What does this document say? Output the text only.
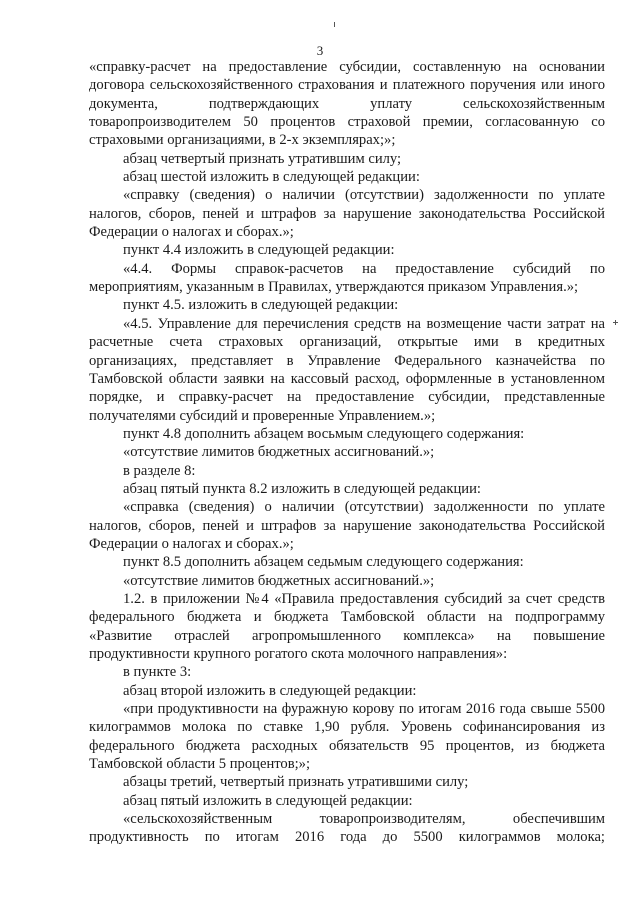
3

«справку-расчет на предоставление субсидии, составленную на основании договора сельскохозяйственного страхования и платежного поручения или иного документа, подтверждающих уплату сельскохозяйственным товаропроизводителем 50 процентов страховой премии, согласованную со страховыми организациями, в 2-х экземплярах;»;

абзац четвертый признать утратившим силу;

абзац шестой изложить в следующей редакции:

«справку (сведения) о наличии (отсутствии) задолженности по уплате налогов, сборов, пеней и штрафов за нарушение законодательства Российской Федерации о налогах и сборах.»;

пункт 4.4 изложить в следующей редакции:

«4.4. Формы справок-расчетов на предоставление субсидий по мероприятиям, указанным в Правилах, утверждаются приказом Управления.»;

пункт 4.5. изложить в следующей редакции:

«4.5. Управление для перечисления средств на возмещение части затрат на расчетные счета страховых организаций, открытые ими в кредитных организациях, представляет в Управление Федерального казначейства по Тамбовской области заявки на кассовый расход, оформленные в установленном порядке, и справку-расчет на предоставление субсидии, представленные получателями субсидий и проверенные Управлением.»;

пункт 4.8 дополнить абзацем восьмым следующего содержания:

«отсутствие лимитов бюджетных ассигнований.»;

в разделе 8:

абзац пятый пункта 8.2 изложить в следующей редакции:

«справка (сведения) о наличии (отсутствии) задолженности по уплате налогов, сборов, пеней и штрафов за нарушение законодательства Российской Федерации о налогах и сборах.»;

пункт 8.5 дополнить абзацем седьмым следующего содержания:

«отсутствие лимитов бюджетных ассигнований.»;

1.2. в приложении №4 «Правила предоставления субсидий за счет средств федерального бюджета и бюджета Тамбовской области на подпрограмму «Развитие отраслей агропромышленного комплекса» на повышение продуктивности крупного рогатого скота молочного направления»:

в пункте 3:

абзац второй изложить в следующей редакции:

«при продуктивности на фуражную корову по итогам 2016 года свыше 5500 килограммов молока по ставке 1,90 рубля. Уровень софинансирования из федерального бюджета расходных обязательств 95 процентов, из бюджета Тамбовской области 5 процентов;»;

абзацы третий, четвертый признать утратившими силу;

абзац пятый изложить в следующей редакции:

«сельскохозяйственным товаропроизводителям, обеспечившим продуктивность по итогам 2016 года до 5500 килограммов молока;
